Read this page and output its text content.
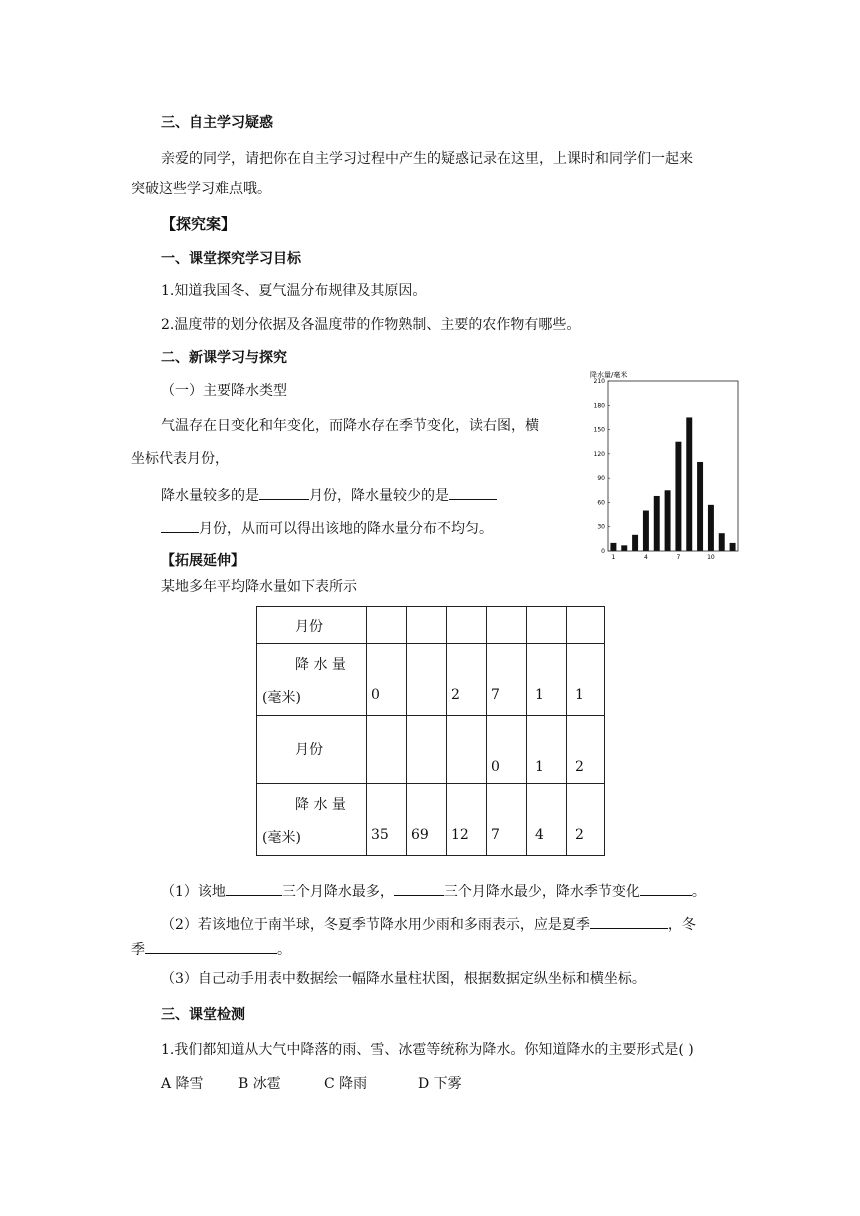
三、自主学习疑惑
亲爱的同学，请把你在自主学习过程中产生的疑惑记录在这里，上课时和同学们一起来
突破这些学习难点哦。
【探究案】
一、课堂探究学习目标
1.知道我国冬、夏气温分布规律及其原因。
2.温度带的划分依据及各温度带的作物熟制、主要的农作物有哪些。
二、新课学习与探究
（一）主要降水类型
气温存在日变化和年变化，而降水存在季节变化，读右图，横
坐标代表月份，
降水量较多的是	月份，降水量较少的是
月份，从而可以得出该地的降水量分布不均匀。
降水量/毫米
0
30
60
90
120
150
180
210
1	4	7	10
【拓展延伸】
某地多年平均降水量如下表所示
月份						

降 水 量
(毫米)	0		2	7	1	1

月份				0	1	2

降 水 量
(毫米)	35	69	12	7	4	2
（1）该地	三个月降水最多，	三个月降水最少，降水季节变化	。
（2）若该地位于南半球，冬夏季节降水用少雨和多雨表示，应是夏季	，冬
季	。
（3）自己动手用表中数据绘一幅降水量柱状图，根据数据定纵坐标和横坐标。
三、课堂检测
1.我们都知道从大气中降落的雨、雪、冰雹等统称为降水。你知道降水的主要形式是( )
A 降雪 B 冰雹	C 降雨	D 下雾
